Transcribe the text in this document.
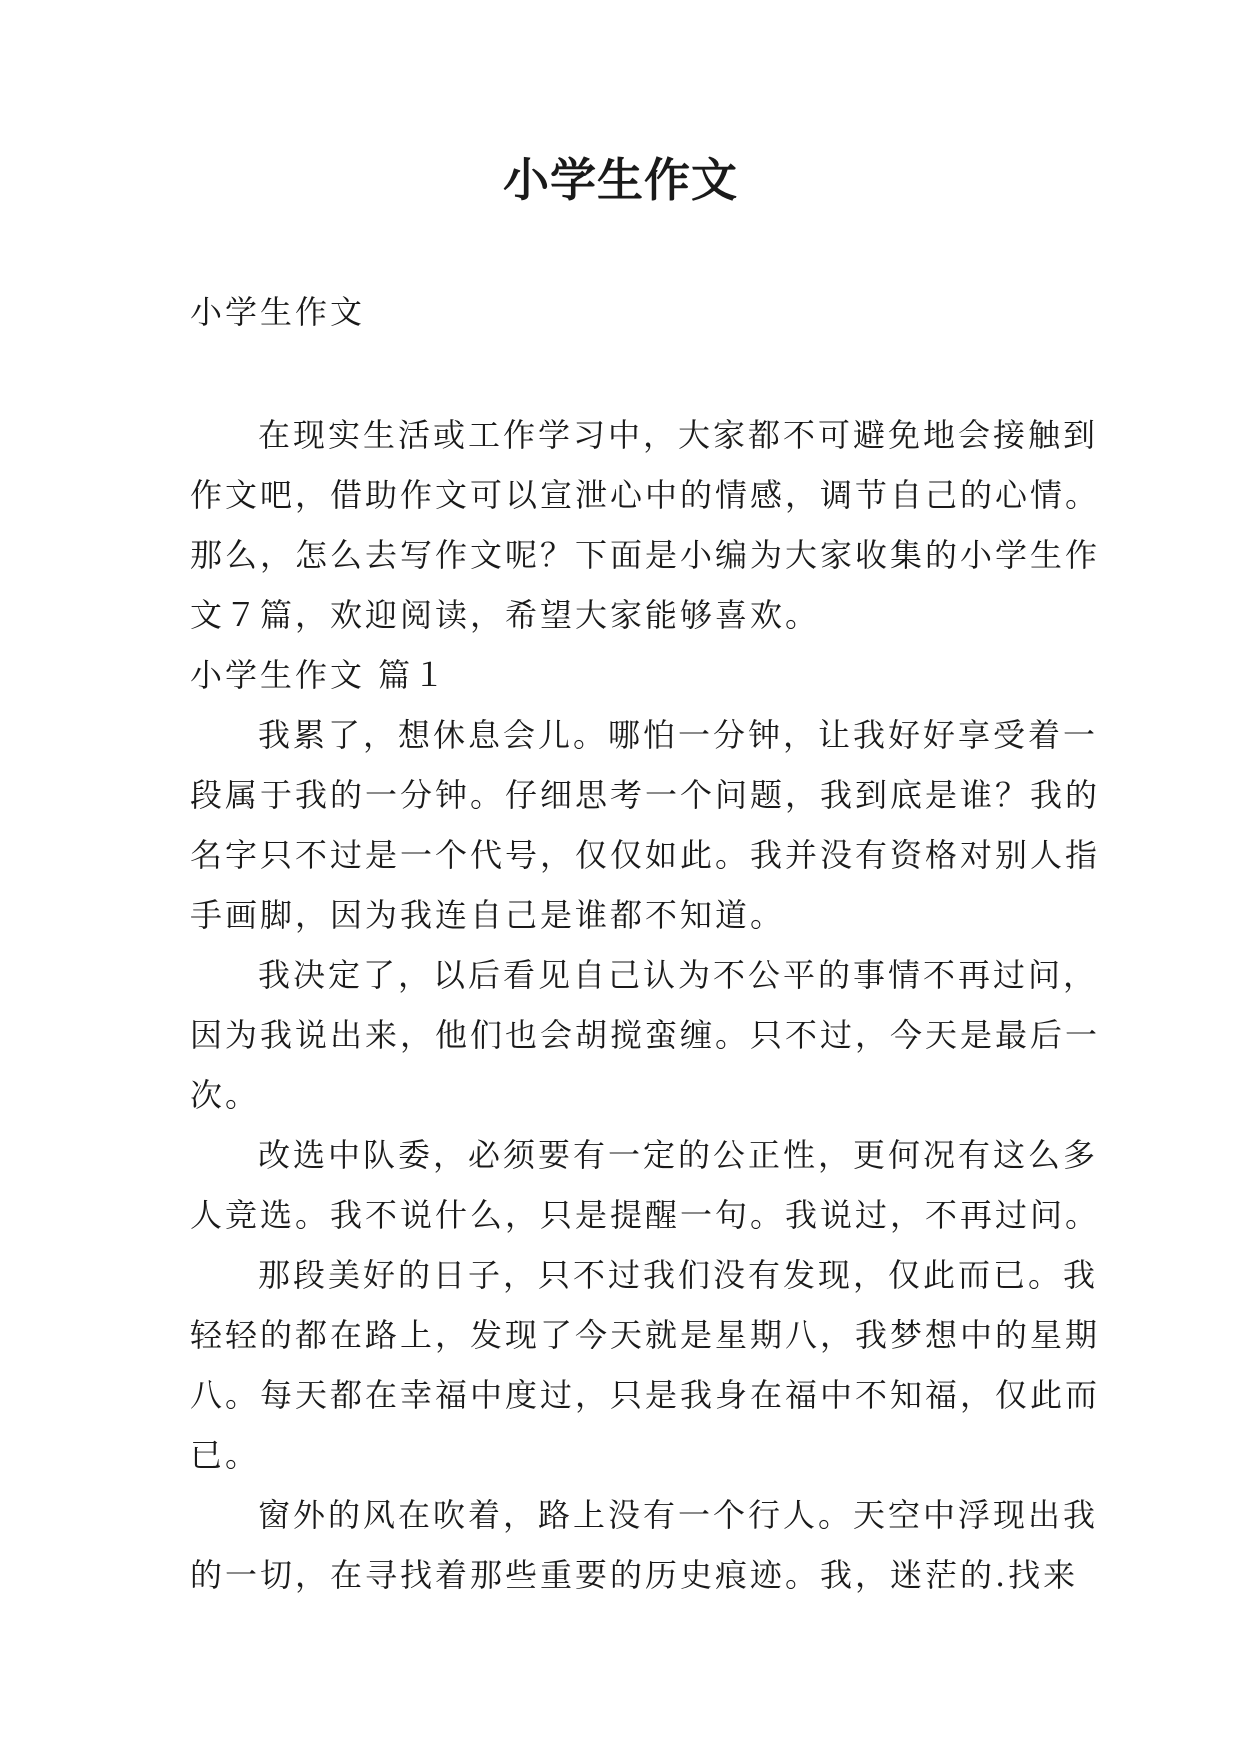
小学生作文
小学生作文
在现实生活或工作学习中，大家都不可避免地会接触到
作文吧，借助作文可以宣泄心中的情感，调节自己的心情。
那么，怎么去写作文呢？下面是小编为大家收集的小学生作
文７篇，欢迎阅读，希望大家能够喜欢。
小学生作文 篇１
我累了，想休息会儿。哪怕一分钟，让我好好享受着一
段属于我的一分钟。仔细思考一个问题，我到底是谁？我的
名字只不过是一个代号，仅仅如此。我并没有资格对别人指
手画脚，因为我连自己是谁都不知道。
我决定了，以后看见自己认为不公平的事情不再过问，
因为我说出来，他们也会胡搅蛮缠。只不过，今天是最后一
次。
改选中队委，必须要有一定的公正性，更何况有这么多
人竞选。我不说什么，只是提醒一句。我说过，不再过问。
那段美好的日子，只不过我们没有发现，仅此而已。我
轻轻的都在路上，发现了今天就是星期八，我梦想中的星期
八。每天都在幸福中度过，只是我身在福中不知福，仅此而
已。
窗外的风在吹着，路上没有一个行人。天空中浮现出我
的一切，在寻找着那些重要的历史痕迹。我，迷茫的.找来
